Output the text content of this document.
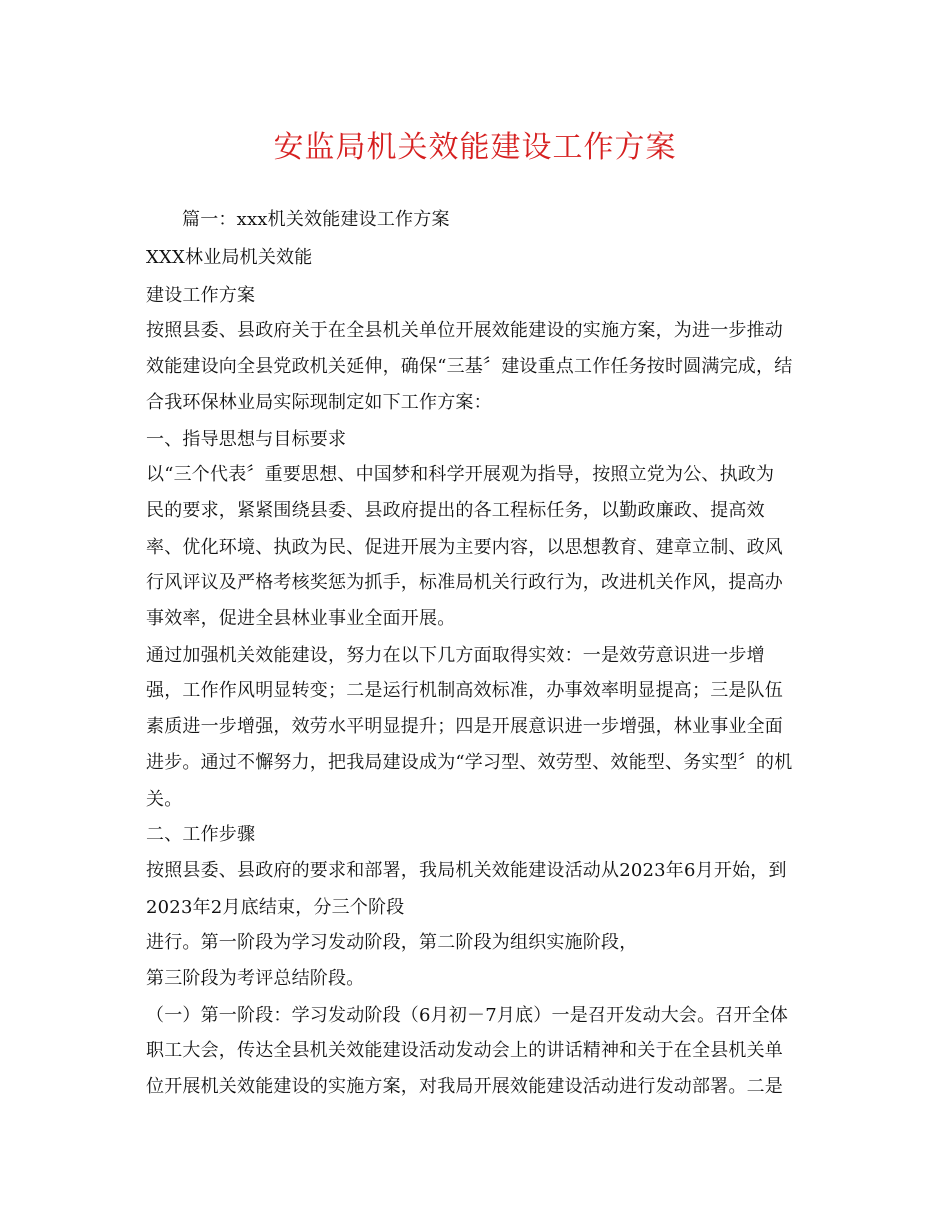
安监局机关效能建设工作方案
篇一：xxx机关效能建设工作方案
XXX林业局机关效能
建设工作方案
按照县委、县政府关于在全县机关单位开展效能建设的实施方案，为进一步推动
效能建设向全县党政机关延伸，确保“三基〞建设重点工作任务按时圆满完成，结
合我环保林业局实际现制定如下工作方案：
一、指导思想与目标要求
以“三个代表〞重要思想、中国梦和科学开展观为指导，按照立党为公、执政为
民的要求，紧紧围绕县委、县政府提出的各工程标任务，以勤政廉政、提高效
率、优化环境、执政为民、促进开展为主要内容，以思想教育、建章立制、政风
行风评议及严格考核奖惩为抓手，标准局机关行政行为，改进机关作风，提高办
事效率，促进全县林业事业全面开展。
通过加强机关效能建设，努力在以下几方面取得实效：一是效劳意识进一步增
强，工作作风明显转变；二是运行机制高效标准，办事效率明显提高；三是队伍
素质进一步增强，效劳水平明显提升；四是开展意识进一步增强，林业事业全面
进步。通过不懈努力，把我局建设成为“学习型、效劳型、效能型、务实型〞的机
关。
二、工作步骤
按照县委、县政府的要求和部署，我局机关效能建设活动从2023年6月开始，到
2023年2月底结束，分三个阶段
进行。第一阶段为学习发动阶段，第二阶段为组织实施阶段，
第三阶段为考评总结阶段。
（一）第一阶段：学习发动阶段（6月初－7月底）一是召开发动大会。召开全体
职工大会，传达全县机关效能建设活动发动会上的讲话精神和关于在全县机关单
位开展机关效能建设的实施方案，对我局开展效能建设活动进行发动部署。二是
